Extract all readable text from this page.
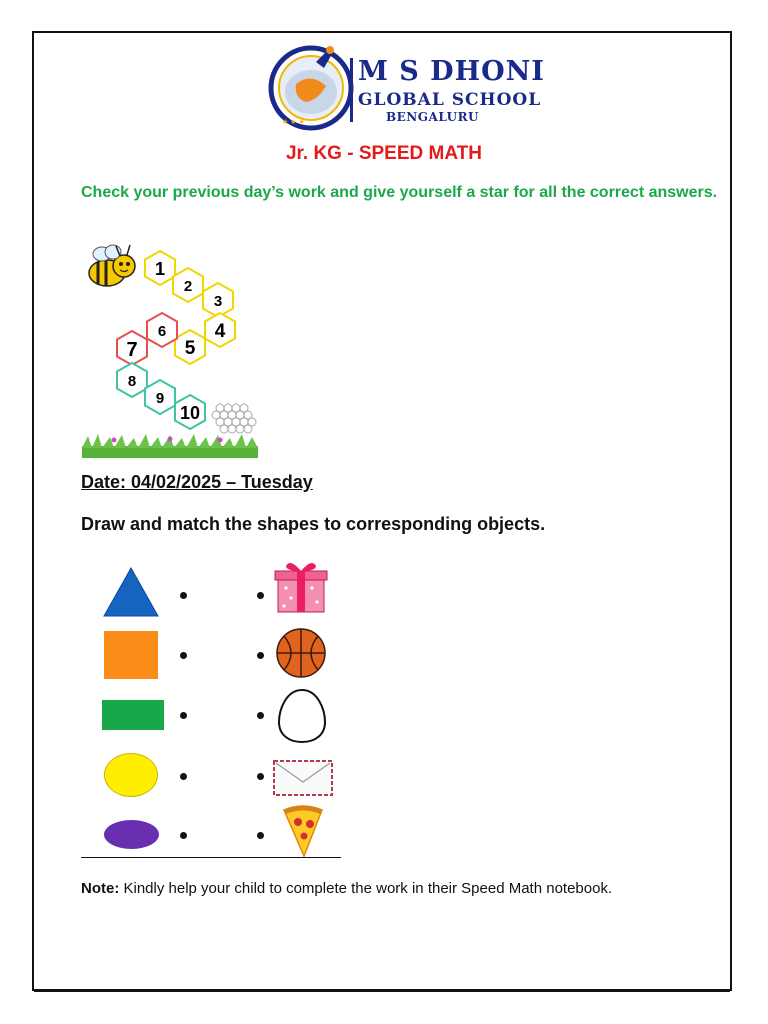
★ ★ ★
M S DHONI
GLOBAL SCHOOL
BENGALURU
Jr. KG - SPEED MATH
Check your previous day’s work and give yourself a star for all the correct answers.
1
2
3
4
5
6
7
8
9
10
Date: 04/02/2025 – Tuesday
Draw and match the shapes to corresponding objects.
Note: Kindly help your child to complete the work in their Speed Math notebook.
